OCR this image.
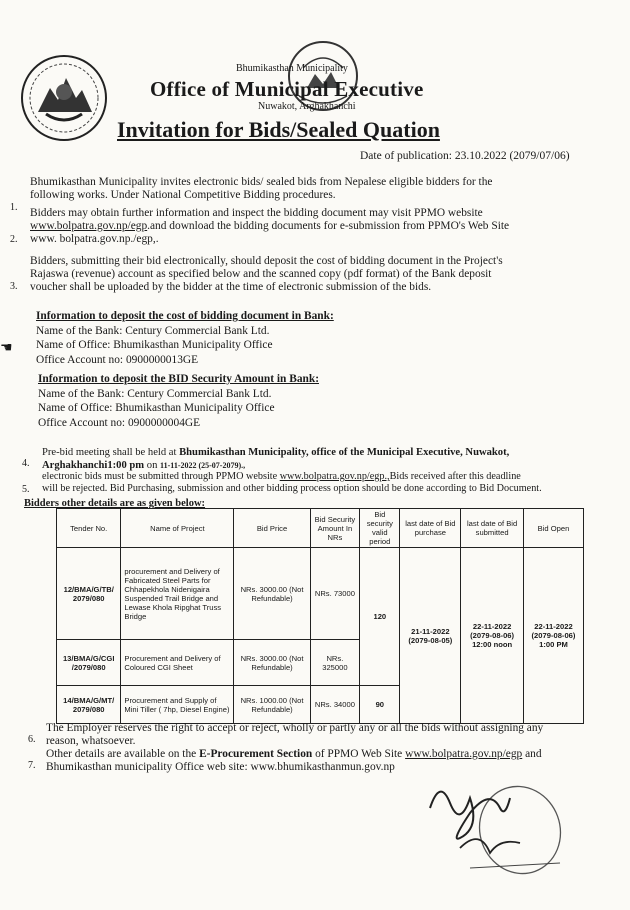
Bhumikasthan Municipality
Office of Municipal Executive
Nuwakot, Arghakhanchi
Invitation for Bids/Sealed Quation
Date of publication: 23.10.2022 (2079/07/06)
1.
Bhumikasthan Municipality invites electronic bids/ sealed bids from Nepalese eligible bidders for the
following works. Under National Competitive Bidding procedures.
2.
Bidders may obtain further information and inspect the bidding document may visit PPMO website
www.bolpatra.gov.np/egp.and download the bidding documents for e-submission from PPMO's Web Site
www. bolpatra.gov.np./egp,.
3.
Bidders, submitting their bid electronically, should deposit the cost of bidding document in the Project's
Rajaswa (revenue) account as specified below and the scanned copy (pdf format) of the Bank deposit
voucher shall be uploaded by the bidder at the time of electronic submission of the bids.
Information to deposit the cost of bidding document in Bank:
Name of the Bank: Century Commercial Bank Ltd.
Name of Office: Bhumikasthan Municipality Office
Office Account no: 0900000013GE
☚
Information to deposit the BID Security Amount in Bank:
Name of the Bank: Century Commercial Bank Ltd.
Name of Office: Bhumikasthan Municipality Office
Office Account no: 0900000004GE
4.
Pre-bid meeting shall be held at Bhumikasthan Municipality, office of the Municipal Executive, Nuwakot,
Arghakhanchi1:00 pm on 11-11-2022 (25-07-2079).,
5.
electronic bids must be submitted through PPMO website www.bolpatra.gov.np/egp.,Bids received after this deadline
will be rejected. Bid Purchasing, submission and other bidding process option should be done according to Bid Document.
Bidders other details are as given below:
Tender No.	Name of Project	Bid Price	Bid Security Amount In NRs	Bid security valid period	last date of Bid purchase	last date of Bid submitted	Bid Open
12/BMA/G/TB/ 2079/080	procurement and Delivery of Fabricated Steel Parts for Chhapekhola Nidenigaira Suspended Trail Bridge and Lewase Khola Ripghat Truss Bridge	NRs. 3000.00 (Not Refundable)	NRs. 73000	120	21-11-2022 (2079-08-05)	22-11-2022 (2079-08-06) 12:00 noon	22-11-2022 (2079-08-06) 1:00 PM
13/BMA/G/CGI /2079/080	Procurement and Delivery of Coloured CGI Sheet	NRs. 3000.00 (Not Refundable)	NRs. 325000				
14/BMA/G/MT/ 2079/080	Procurement and Supply of Mini Tiller ( 7hp, Diesel Engine)	NRs. 1000.00 (Not Refundable)	NRs. 34000	90			
6.
The Employer reserves the right to accept or reject, wholly or partly any or all the bids without assigning any
reason, whatsoever.
7.
Other details are available on the E-Procurement Section of PPMO Web Site www.bolpatra.gov.np/egp and
Bhumikasthan municipality Office web site: www.bhumikasthanmun.gov.np
